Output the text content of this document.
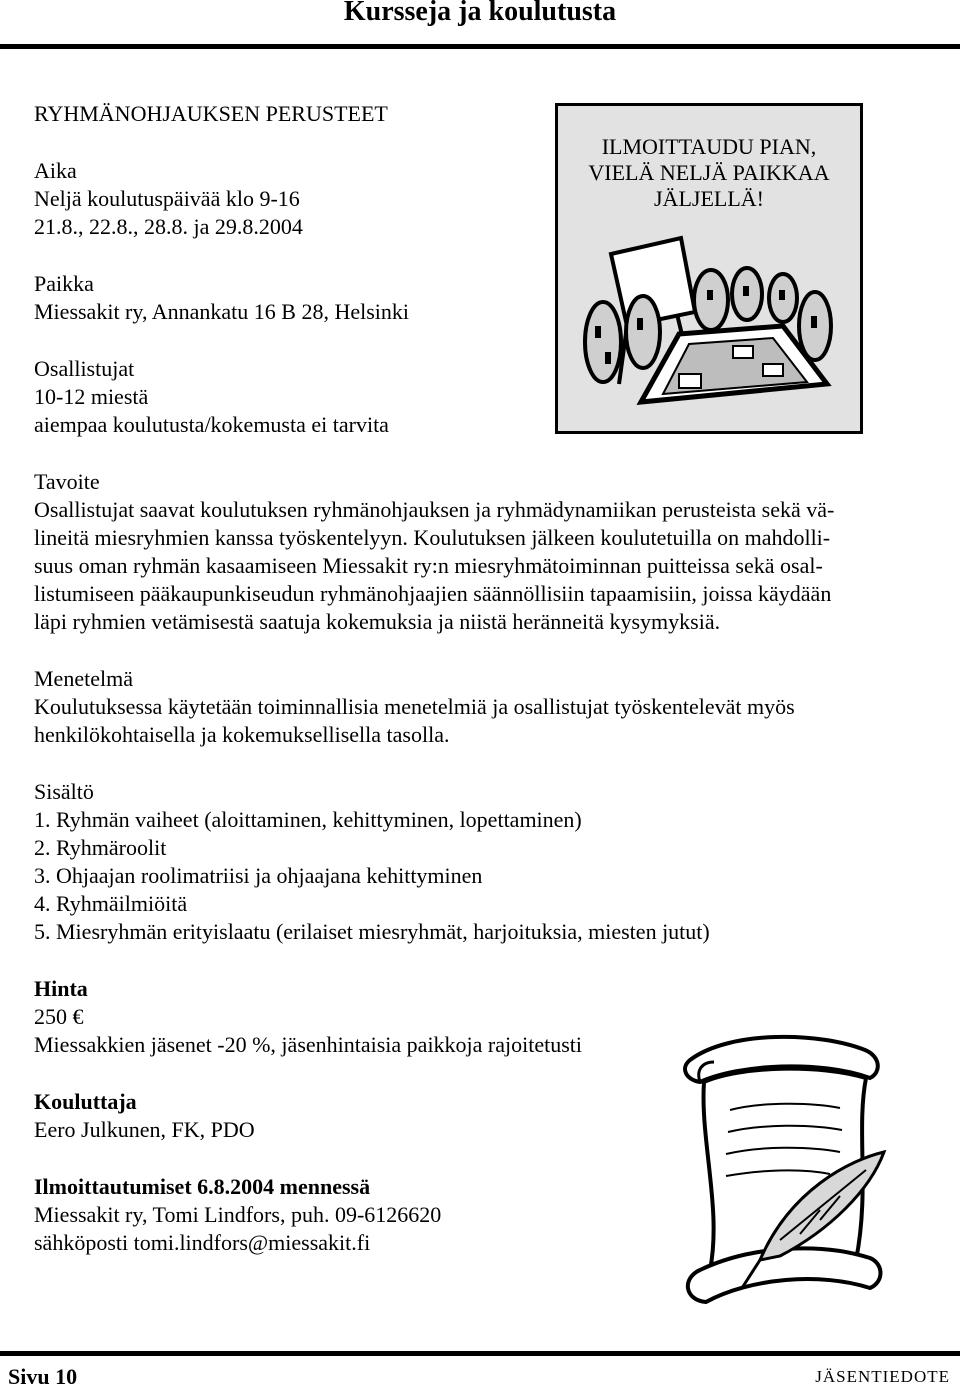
Kursseja ja koulutusta
RYHMÄNOHJAUKSEN PERUSTEET
Aika
Neljä koulutuspäivää klo 9-16
21.8., 22.8., 28.8. ja 29.8.2004
Paikka
Miessakit ry, Annankatu 16 B 28, Helsinki
Osallistujat
10-12 miestä
aiempaa koulutusta/kokemusta ei tarvita
ILMOITTAUDU PIAN,
VIELÄ NELJÄ PAIKKAA
JÄLJELLÄ!
Tavoite
Osallistujat saavat koulutuksen ryhmänohjauksen ja ryhmädynamiikan perusteista sekä vä-
lineitä miesryhmien kanssa työskentelyyn. Koulutuksen jälkeen koulutetuilla on mahdolli-
suus oman ryhmän kasaamiseen Miessakit ry:n miesryhmätoiminnan puitteissa sekä osal-
listumiseen pääkaupunkiseudun ryhmänohjaajien säännöllisiin tapaamisiin, joissa käydään
läpi ryhmien vetämisestä saatuja kokemuksia ja niistä heränneitä kysymyksiä.
Menetelmä
Koulutuksessa käytetään toiminnallisia menetelmiä ja osallistujat työskentelevät myös
henkilökohtaisella ja kokemuksellisella tasolla.
Sisältö
1. Ryhmän vaiheet (aloittaminen, kehittyminen, lopettaminen)
2. Ryhmäroolit
3. Ohjaajan roolimatriisi ja ohjaajana kehittyminen
4. Ryhmäilmiöitä
5. Miesryhmän erityislaatu (erilaiset miesryhmät, harjoituksia, miesten jutut)
Hinta
250 €
Miessakkien jäsenet -20 %, jäsenhintaisia paikkoja rajoitetusti
Kouluttaja
Eero Julkunen, FK, PDO
Ilmoittautumiset 6.8.2004 mennessä
Miessakit ry, Tomi Lindfors, puh. 09-6126620
sähköposti tomi.lindfors@miessakit.fi
Sivu 10	JÄSENTIEDOTE
